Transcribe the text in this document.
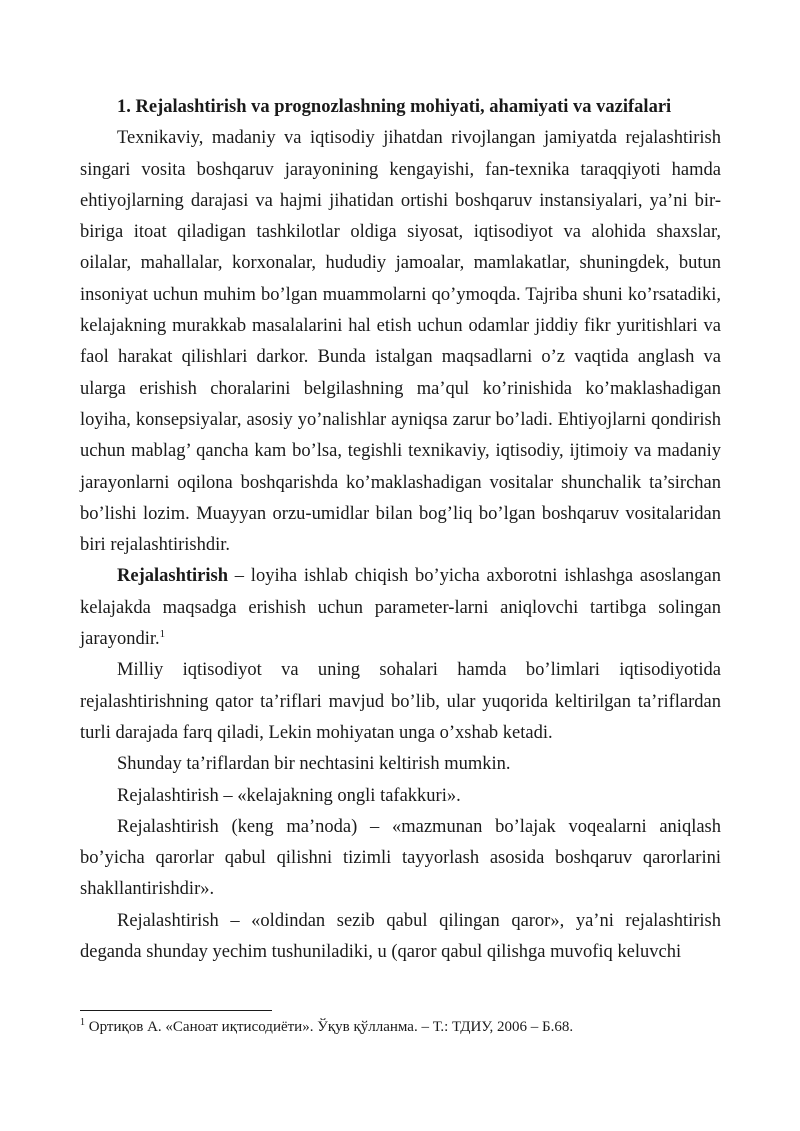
1. Rejalashtirish va prognozlashning mohiyati, ahamiyati va vazifalari

Texnikaviy, madaniy va iqtisodiy jihatdan rivojlangan jamiyatda rejalashtirish singari vosita boshqaruv jarayonining kengayishi, fan-texnika taraqqiyoti hamda ehtiyojlarning darajasi va hajmi jihatidan ortishi boshqaruv instansiyalari, ya’ni bir-biriga itoat qiladigan tashkilotlar oldiga siyosat, iqtisodiyot va alohida shaxslar, oilalar, mahallalar, korxonalar, hududiy jamoalar, mamlakatlar, shuningdek, butun insoniyat uchun muhim bo’lgan muammolarni qo’ymoqda. Tajriba shuni ko’rsatadiki, kelajakning murakkab masalalarini hal etish uchun odamlar jiddiy fikr yuritishlari va faol harakat qilishlari darkor. Bunda istalgan maqsadlarni o’z vaqtida anglash va ularga erishish choralarini belgilashning ma’qul ko’rinishida ko’maklashadigan loyiha, konsepsiyalar, asosiy yo’nalishlar ayniqsa zarur bo’ladi. Ehtiyojlarni qondirish uchun mablag’ qancha kam bo’lsa, tegishli texnikaviy, iqtisodiy, ijtimoiy va madaniy jarayonlarni oqilona boshqarishda ko’maklashadigan vositalar shunchalik ta’sirchan bo’lishi lozim. Muayyan orzu-umidlar bilan bog’liq bo’lgan boshqaruv vositalaridan biri rejalashtirishdir.

Rejalashtirish – loyiha ishlab chiqish bo’yicha axborotni ishlashga asoslangan kelajakda maqsadga erishish uchun parameter-larni aniqlovchi tartibga solingan jarayondir.$^1$

Milliy iqtisodiyot va uning sohalari hamda bo’limlari iqtisodiyotida rejalashtirishning qator ta’riflari mavjud bo’lib, ular yuqorida keltirilgan ta’riflardan turli darajada farq qiladi, Lekin mohiyatan unga o’xshab ketadi.

Shunday ta’riflardan bir nechtasini keltirish mumkin.

Rejalashtirish – «kelajakning ongli tafakkuri».

Rejalashtirish (keng ma’noda) – «mazmunan bo’lajak voqealarni aniqlash bo’yicha qarorlar qabul qilishni tizimli tayyorlash asosida boshqaruv qarorlarini shakllantirishdir».

Rejalashtirish – «oldindan sezib qabul qilingan qaror», ya’ni rejalashtirish deganda shunday yechim tushuniladiki, u (qaror qabul qilishga muvofiq keluvchi

$^1$ Ортиқов А. «Саноат иқтисодиёти». Ўқув қўлланма. – Т.: ТДИУ, 2006 – Б.68.
